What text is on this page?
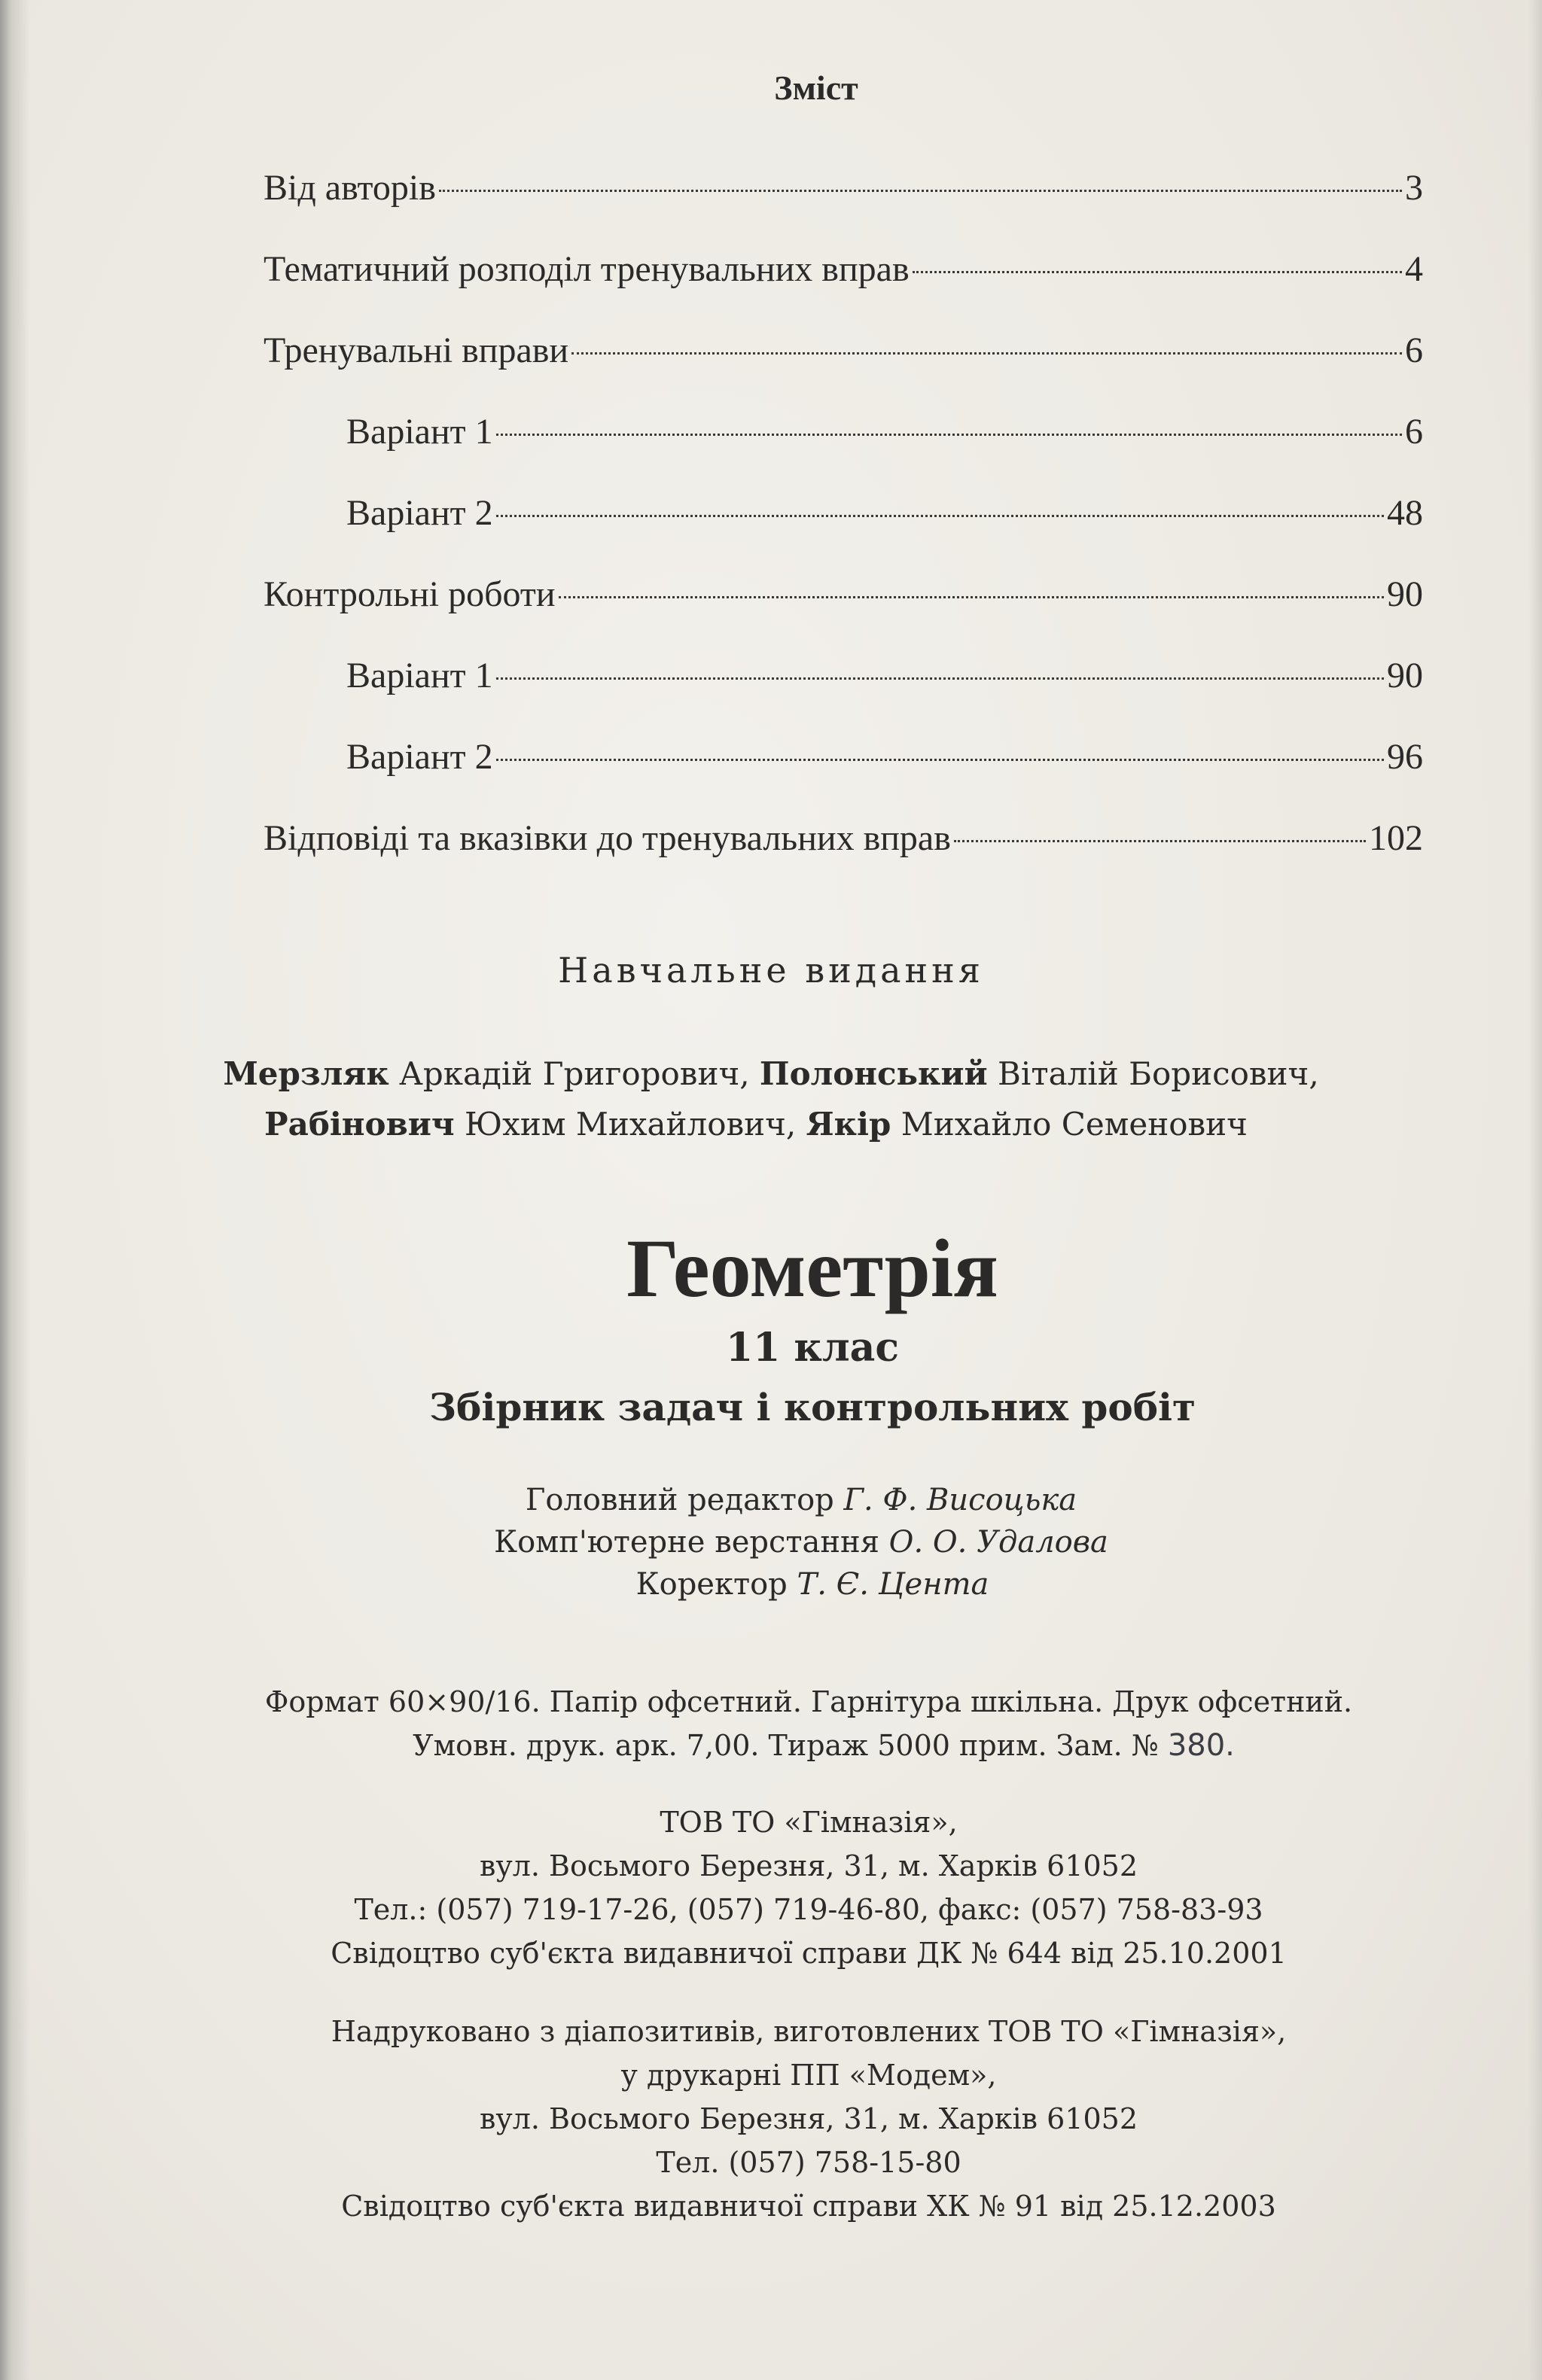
Зміст
Від авторів	3
Тематичний розподіл тренувальних вправ	4
Тренувальні вправи	6
Варіант 1	6
Варіант 2	48
Контрольні роботи	90
Варіант 1	90
Варіант 2	96
Відповіді та вказівки до тренувальних вправ	102
Навчальне видання
Мерзляк Аркадій Григорович, Полонський Віталій Борисович,
Рабінович Юхим Михайлович, Якір Михайло Семенович
Геометрія
11 клас
Збірник задач і контрольних робіт
Головний редактор Г. Ф. Висоцька
Комп'ютерне верстання О. О. Удалова
Коректор Т. Є. Цента
Формат 60×90/16. Папір офсетний. Гарнітура шкільна. Друк офсетний.
Умовн. друк. арк. 7,00. Тираж 5000 прим. Зам. № 380.
ТОВ ТО «Гімназія»,
вул. Восьмого Березня, 31, м. Харків 61052
Тел.: (057) 719-17-26, (057) 719-46-80, факс: (057) 758-83-93
Свідоцтво суб'єкта видавничої справи ДК № 644 від 25.10.2001
Надруковано з діапозитивів, виготовлених ТОВ ТО «Гімназія»,
у друкарні ПП «Модем»,
вул. Восьмого Березня, 31, м. Харків 61052
Тел. (057) 758-15-80
Свідоцтво суб'єкта видавничої справи ХК № 91 від 25.12.2003
